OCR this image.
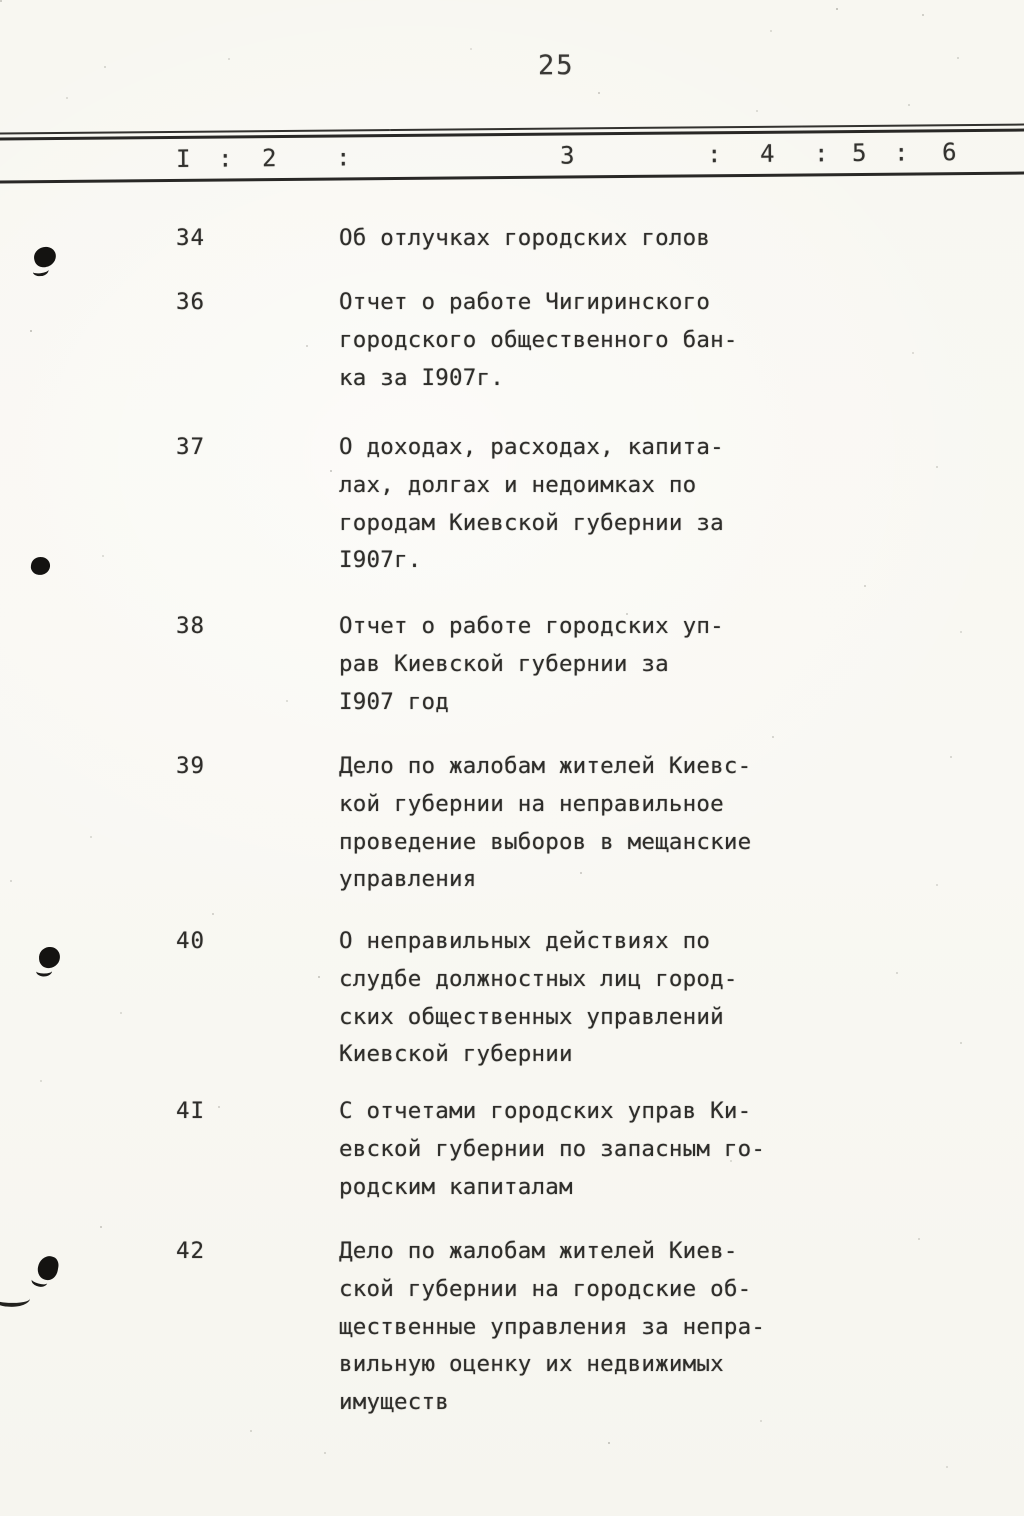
25
I : 2 :	3	: 4 : 5 : 6
34	Об отлучках городских голов
36	Отчет о работе Чигиринского
городского общественного бан-
ка за I907г.
37	О доходах, расходах, капита-
лах, долгах и недоимках по
городам Киевской губернии за
I907г.
38	Отчет о работе городских уп-
рав Киевской губернии за
I907 год
39	Дело по жалобам жителей Киевс-
кой губернии на неправильное
проведение выборов в мещанские
управления
40	О неправильных действиях по
слудбе должностных лиц город-
ских общественных управлений
Киевской губернии
4I	С отчетами городских управ Ки-
евской губернии по запасным го-
родским капиталам
42	Дело по жалобам жителей Киев-
ской губернии на городские об-
щественные управления за непра-
вильную оценку их недвижимых
имуществ
